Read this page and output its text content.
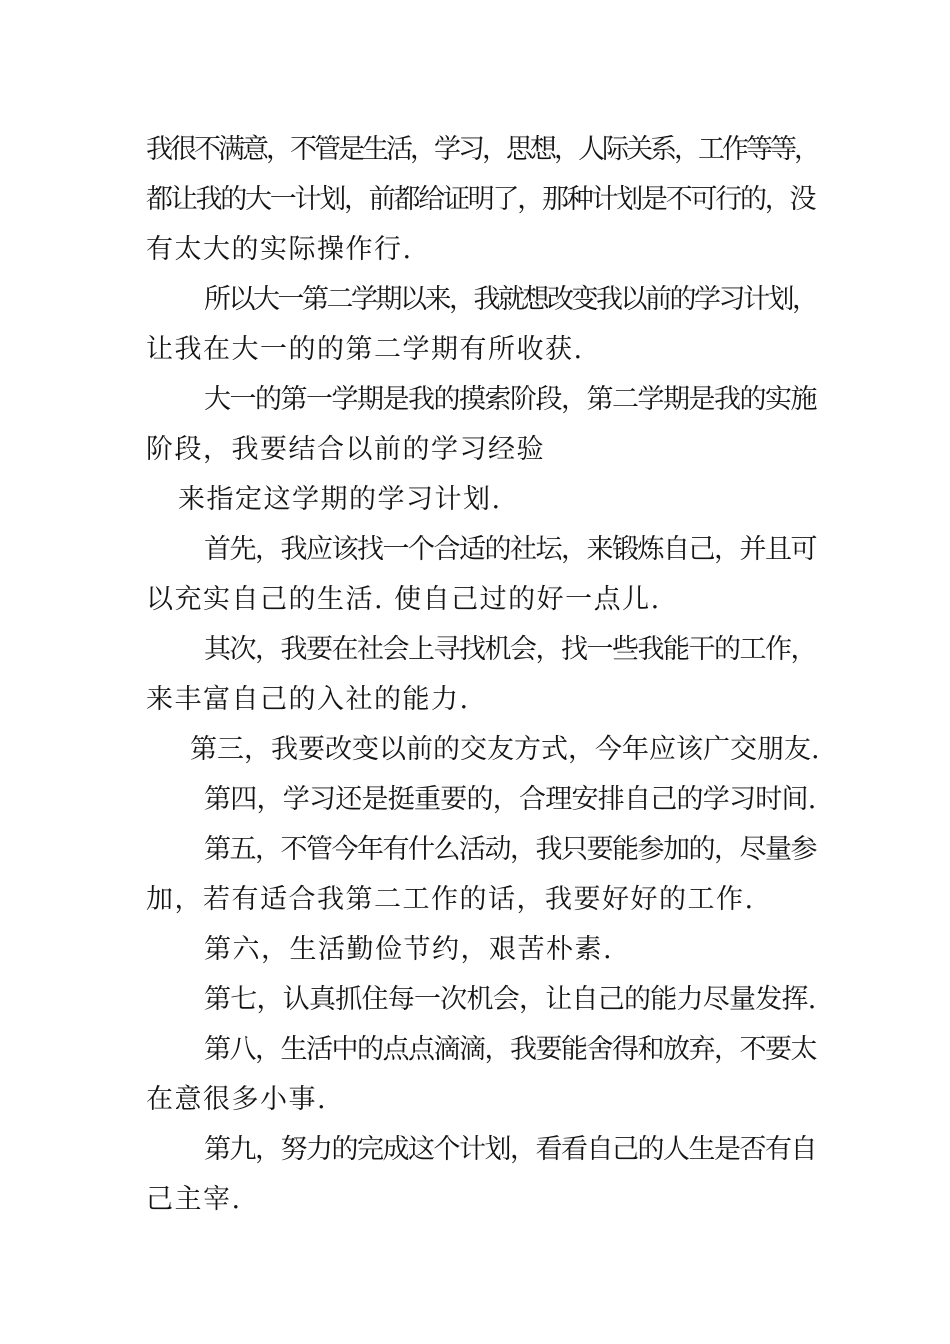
我很不满意，不管是生活，学习，思想，人际关系，工作等等，
都让我的大一计划，前都给证明了，那种计划是不可行的，没
有太大的实际操作行.
所以大一第二学期以来，我就想改变我以前的学习计划，
让我在大一的的第二学期有所收获.
大一的第一学期是我的摸索阶段，第二学期是我的实施
阶段，我要结合以前的学习经验
来指定这学期的学习计划.
首先，我应该找一个合适的社坛，来锻炼自己，并且可
以充实自己的生活. 使自己过的好一点儿.
其次，我要在社会上寻找机会，找一些我能干的工作，
来丰富自己的入社的能力.
第三，我要改变以前的交友方式，今年应该广交朋友.
第四，学习还是挺重要的，合理安排自己的学习时间.
第五，不管今年有什么活动，我只要能参加的，尽量参
加，若有适合我第二工作的话，我要好好的工作.
第六，生活勤俭节约，艰苦朴素.
第七，认真抓住每一次机会，让自己的能力尽量发挥.
第八，生活中的点点滴滴，我要能舍得和放弃，不要太
在意很多小事.
第九，努力的完成这个计划，看看自己的人生是否有自
己主宰.
